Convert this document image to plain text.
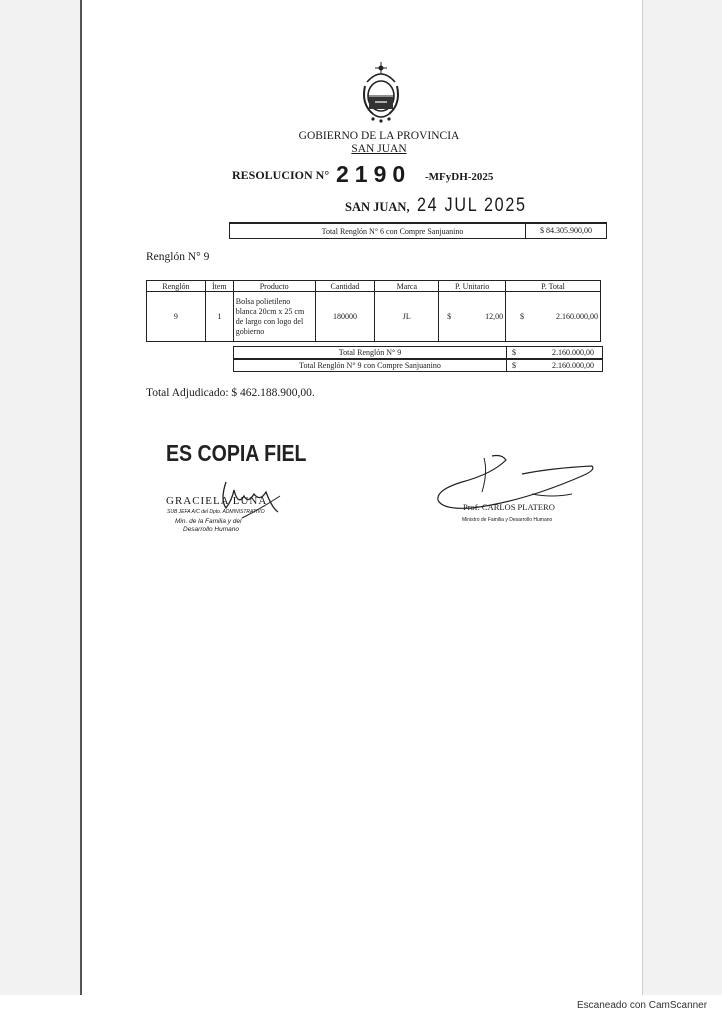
GOBIERNO DE LA PROVINCIA
SAN JUAN
RESOLUCION N° 2190 -MFyDH-2025
SAN JUAN, 24 JUL 2025
Total Renglón N° 6 con Compre Sanjuanino	$ 84.305.900,00
Renglón N° 9
Renglón	Ítem	Producto	Cantidad	Marca	P. Unitario	P. Total
9	1	Bolsa polietileno blanca 20cm x 25 cm de largo con logo del gobierno	180000	JL	$ 12,00	$ 2.160.000,00
Total Renglón N° 9	$	2.160.000,00
Total Renglón N° 9 con Compre Sanjuanino	$	2.160.000,00
Total Adjudicado: $ 462.188.900,00.
ES COPIA FIEL
GRACIELA LUNA
SUB JEFA A/C del Dpto. ADMINISTRATIVO
Min. de la Familia y del
Desarrollo Humano
Prof. CARLOS PLATERO
Ministro de Familia y Desarrollo Humano
Escaneado con CamScanner
